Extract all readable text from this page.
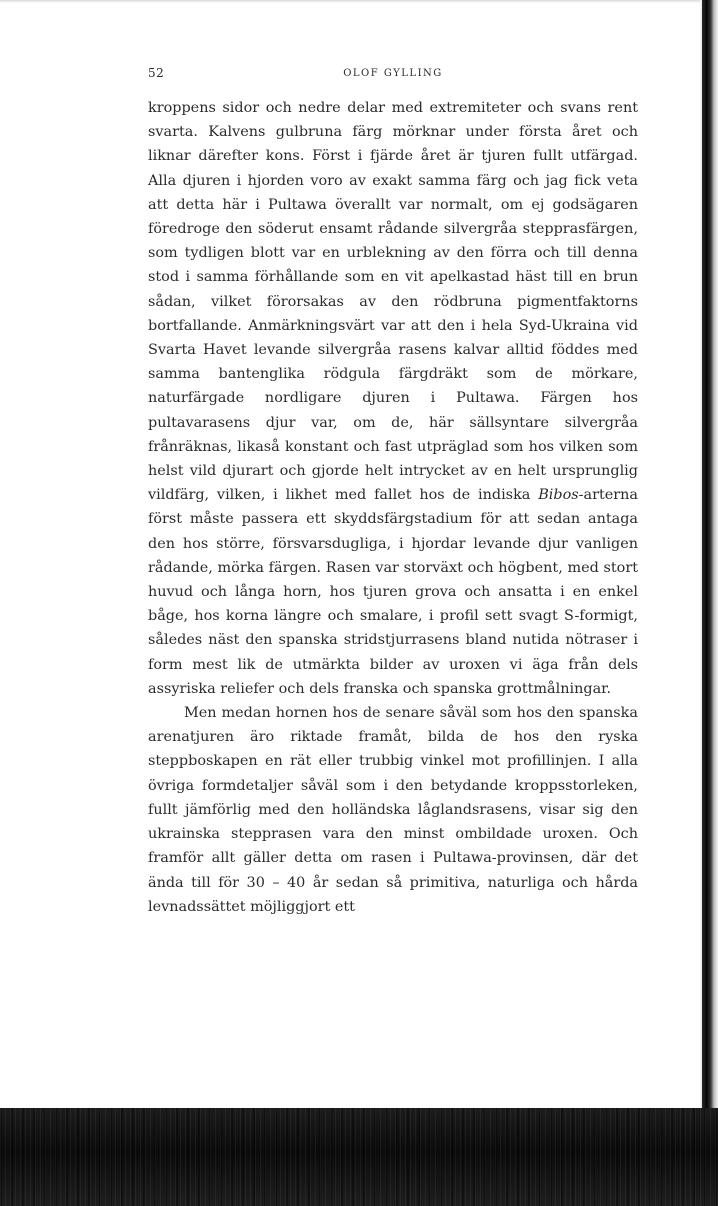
52	OLOF GYLLING

kroppens sidor och nedre delar med extremiteter och svans rent svarta. Kalvens gulbruna färg mörknar under första året och liknar därefter kons. Först i fjärde året är tjuren fullt utfärgad. Alla djuren i hjorden voro av exakt samma färg och jag fick veta att detta här i Pultawa överallt var normalt, om ej godsägaren föredroge den söderut ensamt rådande silvergråa stepprasfärgen, som tydligen blott var en urblekning av den förra och till denna stod i samma förhållande som en vit apelkastad häst till en brun sådan, vilket förorsakas av den rödbruna pigmentfaktorns bortfallande. Anmärkningsvärt var att den i hela Syd-Ukraina vid Svarta Havet levande silvergråa rasens kalvar alltid föddes med samma bantenglika rödgula färgdräkt som de mörkare, naturfärgade nordligare djuren i Pultawa. Färgen hos pultavarasens djur var, om de, här sällsyntare silvergråa frånräknas, likaså konstant och fast utpräglad som hos vilken som helst vild djurart och gjorde helt intrycket av en helt ursprunglig vildfärg, vilken, i likhet med fallet hos de indiska Bibos-arterna först måste passera ett skyddsfärgstadium för att sedan antaga den hos större, försvarsdugliga, i hjordar levande djur vanligen rådande, mörka färgen. Rasen var storväxt och högbent, med stort huvud och långa horn, hos tjuren grova och ansatta i en enkel båge, hos korna längre och smalare, i profil sett svagt S-formigt, således näst den spanska stridstjurrasens bland nutida nötraser i form mest lik de utmärkta bilder av uroxen vi äga från dels assyriska reliefer och dels franska och spanska grottmålningar.

Men medan hornen hos de senare såväl som hos den spanska arenatjuren äro riktade framåt, bilda de hos den ryska steppboskapen en rät eller trubbig vinkel mot profillinjen. I alla övriga formdetaljer såväl som i den betydande kroppsstorleken, fullt jämförlig med den holländska låglandsrasens, visar sig den ukrainska stepprasen vara den minst ombildade uroxen. Och framför allt gäller detta om rasen i Pultawa-provinsen, där det ända till för 30 – 40 år sedan så primitiva, naturliga och hårda levnadssättet möjliggjort ett
